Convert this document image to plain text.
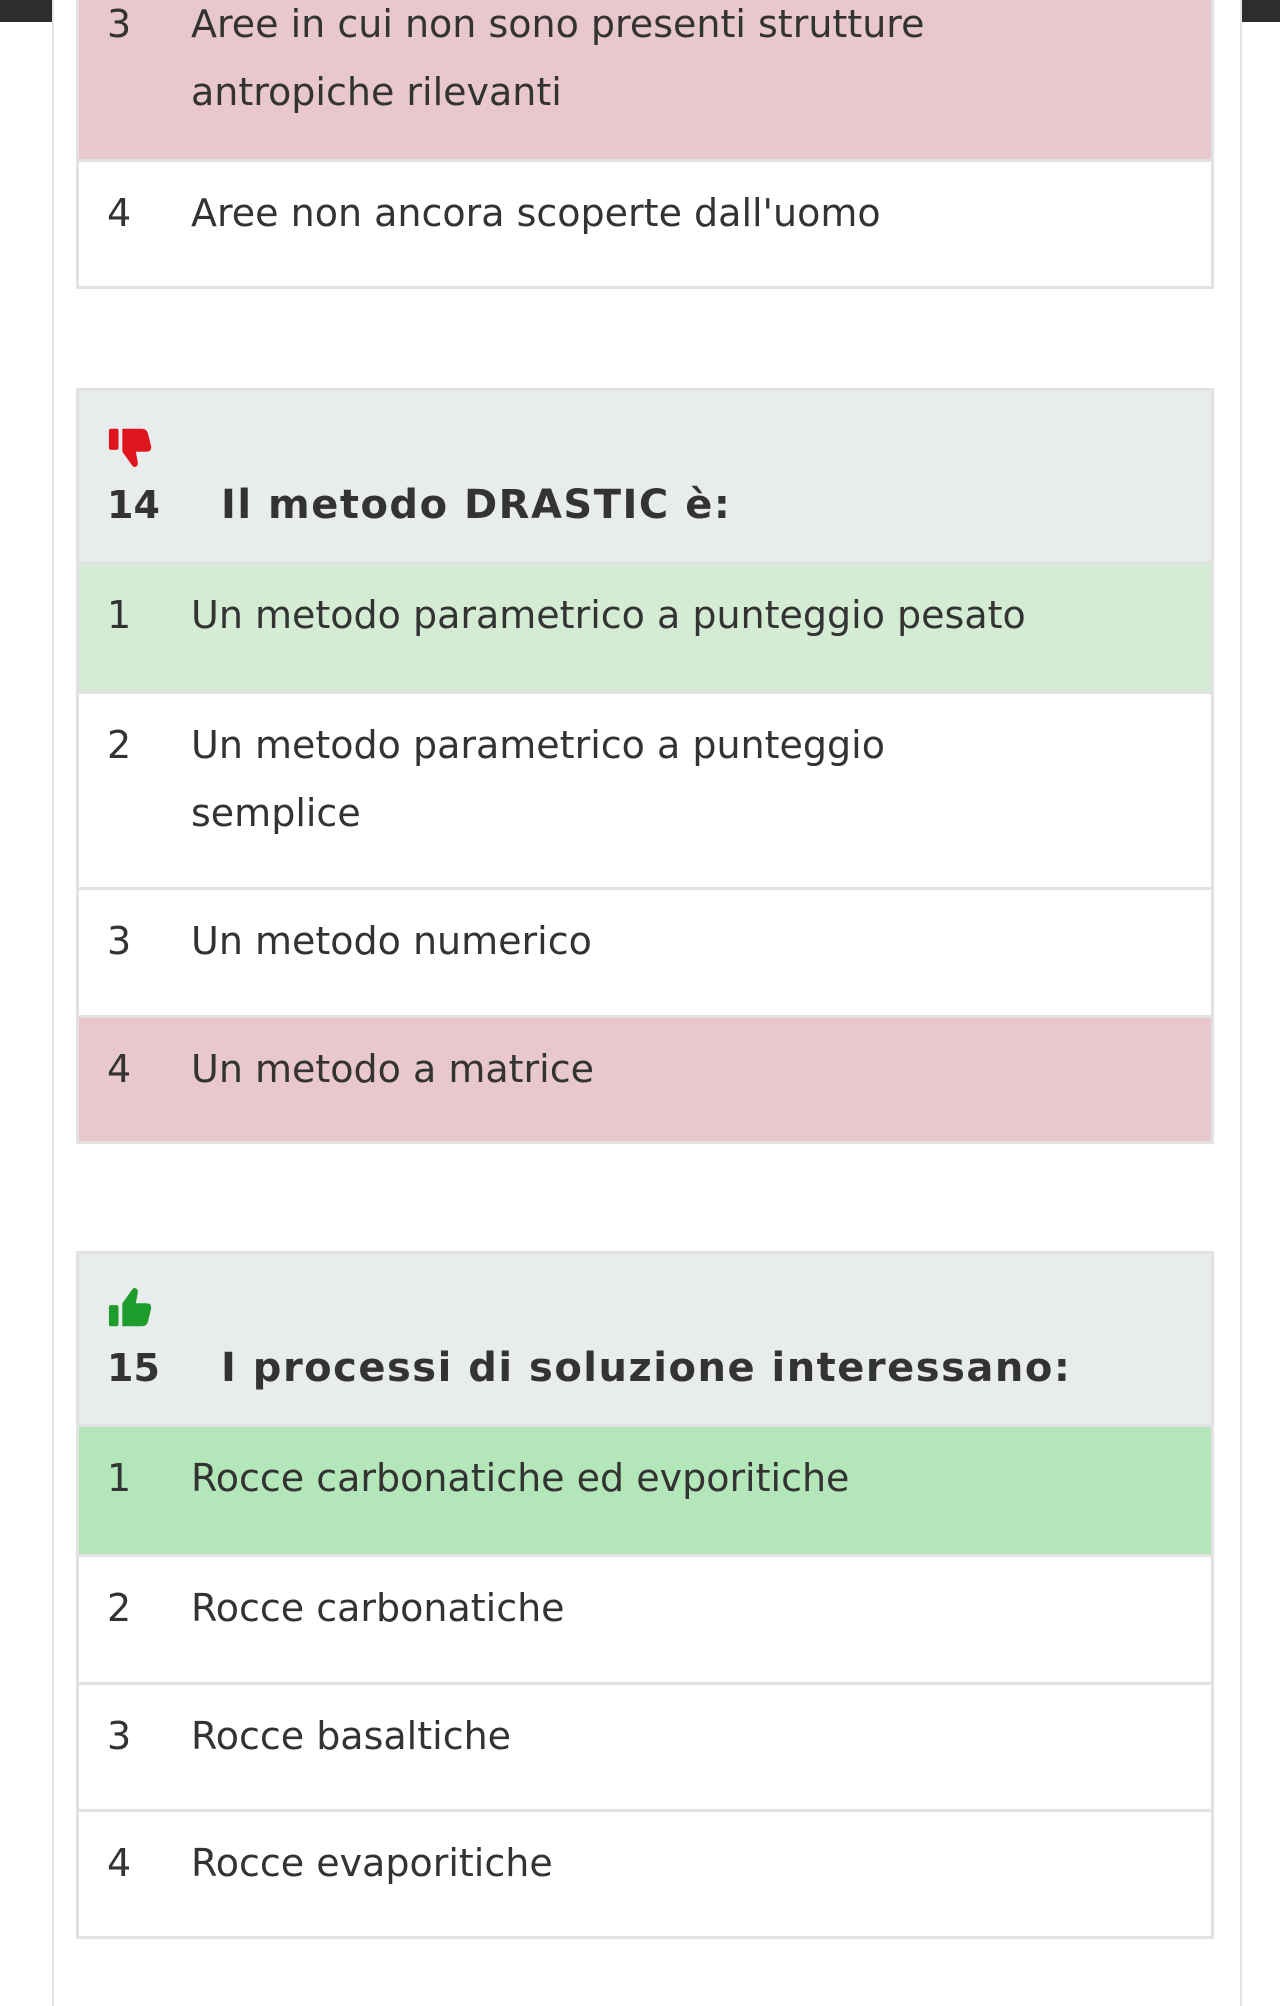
3	Aree in cui non sono presenti strutture antropiche rilevanti
4	Aree non ancora scoperte dall'uomo
14 Il metodo DRASTIC è:
1	Un metodo parametrico a punteggio pesato
2	Un metodo parametrico a punteggio semplice
3	Un metodo numerico
4	Un metodo a matrice
15 I processi di soluzione interessano:
1	Rocce carbonatiche ed evporitiche
2	Rocce carbonatiche
3	Rocce basaltiche
4	Rocce evaporitiche
